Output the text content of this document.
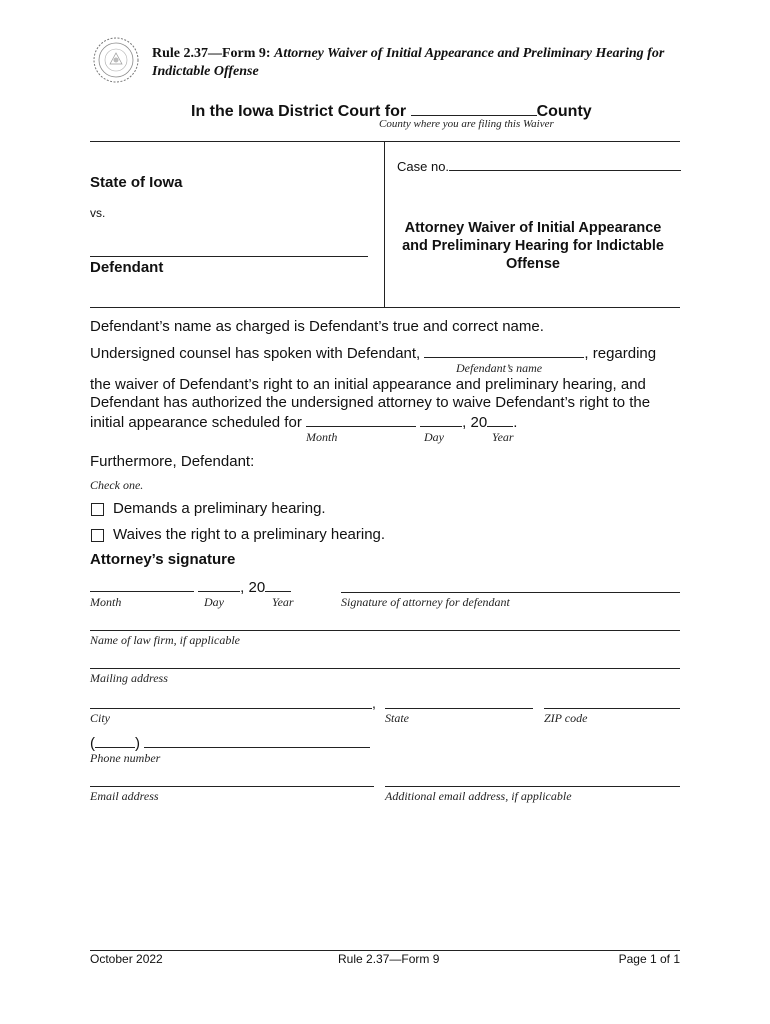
Rule 2.37—Form 9: Attorney Waiver of Initial Appearance and Preliminary Hearing for
Indictable Offense
In the Iowa District Court for	County
County where you are filing this Waiver
State of Iowa
vs.
Defendant
Case no.
Attorney Waiver of Initial Appearance
and Preliminary Hearing for Indictable
Offense
Defendant’s name as charged is Defendant’s true and correct name.
Undersigned counsel has spoken with Defendant,	, regarding
Defendant’s name
the waiver of Defendant’s right to an initial appearance and preliminary hearing, and
Defendant has authorized the undersigned attorney to waive Defendant’s right to the
initial appearance scheduled for	, 20 .
Month	Day	Year
Furthermore, Defendant:
Check one.
Demands a preliminary hearing.
Waives the right to a preliminary hearing.
Attorney’s signature
, 20
Month	Day	Year	Signature of attorney for defendant
Name of law firm, if applicable
Mailing address
,
City	State	ZIP code
(	)
Phone number
Email address	Additional email address, if applicable
October 2022	Rule 2.37—Form 9	Page 1 of 1
